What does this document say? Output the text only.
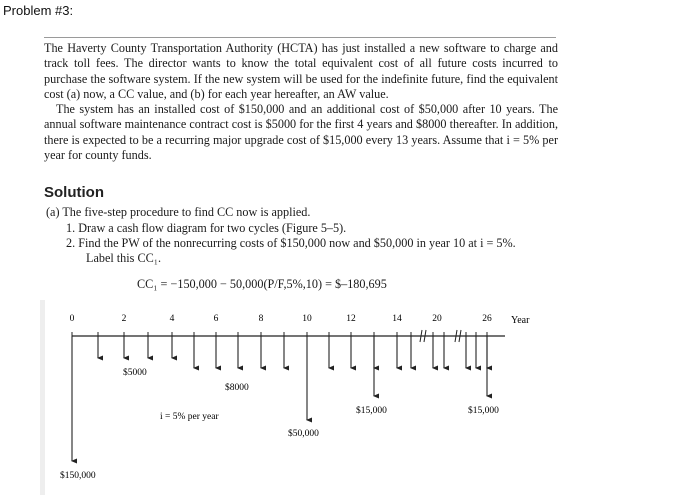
Problem #3:

The Haverty County Transportation Authority (HCTA) has just installed a new software to charge and track toll fees. The director wants to know the total equivalent cost of all future costs incurred to purchase the software system. If the new system will be used for the indefinite future, find the equivalent cost (a) now, a CC value, and (b) for each year hereafter, an AW value.

The system has an installed cost of $150,000 and an additional cost of $50,000 after 10 years. The annual software maintenance contract cost is $5000 for the first 4 years and $8000 thereafter. In addition, there is expected to be a recurring major upgrade cost of $15,000 every 13 years. Assume that i = 5% per year for county funds.

Solution
(a) The five-step procedure to find CC now is applied.
1. Draw a cash flow diagram for two cycles (Figure 5–5).
2. Find the PW of the nonrecurring costs of $150,000 now and $50,000 in year 10 at i = 5%.
Label this CC₁.
CC₁ = −150,000 − 50,000(P/F,5%,10) = $–180,695
0	2	4	6	8	10	12	14	20	26 Year
$5000
$8000
i = 5% per year
$50,000
$15,000	$15,000
$150,000
